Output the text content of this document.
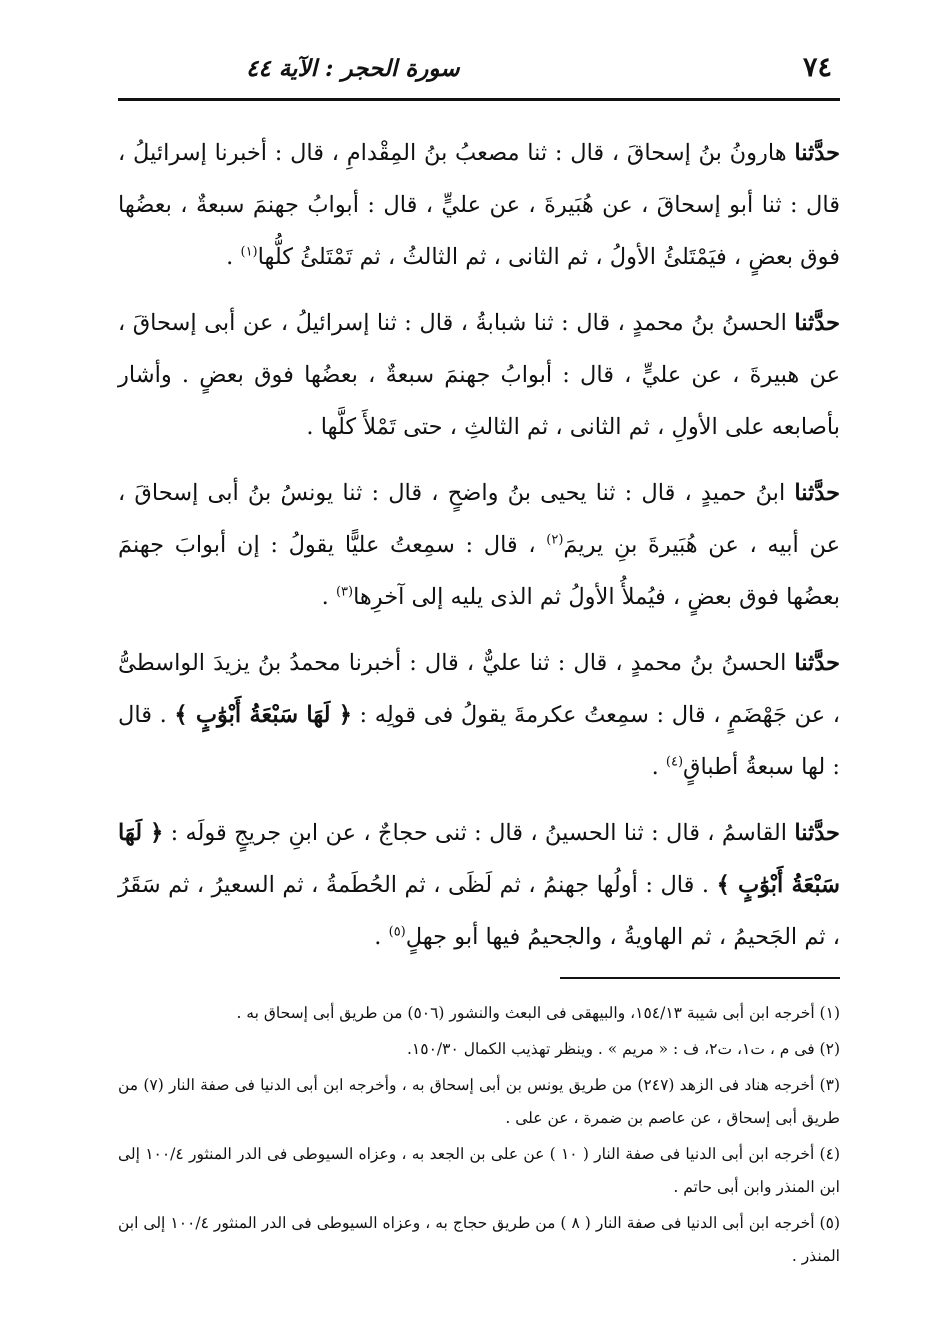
٧٤
سورة الحجر : الآية ٤٤

حدَّثنا هارونُ بنُ إسحاقَ ، قال : ثنا مصعبُ بنُ المِقْدامِ ، قال : أخبرنا إسرائيلُ ، قال : ثنا أبو إسحاقَ ، عن هُبَيرةَ ، عن عليٍّ ، قال : أبوابُ جهنمَ سبعةٌ ، بعضُها فوق بعضٍ ، فيَمْتَلئُ الأولُ ، ثم الثانى ، ثم الثالثُ ، ثم تَمْتَلئُ كلُّها$^{(١)}$ .

حدَّثنا الحسنُ بنُ محمدٍ ، قال : ثنا شبابةُ ، قال : ثنا إسرائيلُ ، عن أبى إسحاقَ ، عن هبيرةَ ، عن عليٍّ ، قال : أبوابُ جهنمَ سبعةٌ ، بعضُها فوق بعضٍ . وأشار بأصابعه على الأولِ ، ثم الثانى ، ثم الثالثِ ، حتى تَمْلأَ كلَّها .

حدَّثنا ابنُ حميدٍ ، قال : ثنا يحيى بنُ واضحٍ ، قال : ثنا يونسُ بنُ أبى إسحاقَ ، عن أبيه ، عن هُبَيرةَ بنِ يريمَ$^{(٢)}$ ، قال : سمِعتُ عليًّا يقولُ : إن أبوابَ جهنمَ بعضُها فوق بعضٍ ، فيُملأُ الأولُ ثم الذى يليه إلى آخرِها$^{(٣)}$ .

حدَّثنا الحسنُ بنُ محمدٍ ، قال : ثنا عليٌّ ، قال : أخبرنا محمدُ بنُ يزيدَ الواسطىُّ ، عن جَهْضَمٍ ، قال : سمِعتُ عكرمةَ يقولُ فى قولِه : ﴿ لَهَا سَبْعَةُ أَبْوَٰبٍ ﴾ . قال : لها سبعةُ أطباقٍ$^{(٤)}$ .

حدَّثنا القاسمُ ، قال : ثنا الحسينُ ، قال : ثنى حجاجٌ ، عن ابنِ جريجٍ قولَه : ﴿ لَهَا سَبْعَةُ أَبْوَٰبٍ ﴾ . قال : أولُها جهنمُ ، ثم لَظَى ، ثم الحُطَمةُ ، ثم السعيرُ ، ثم سَقَرُ ، ثم الجَحيمُ ، ثم الهاويةُ ، والجحيمُ فيها أبو جهلٍ$^{(٥)}$ .

(١) أخرجه ابن أبى شيبة ١٥٤/١٣، والبيهقى فى البعث والنشور (٥٠٦) من طريق أبى إسحاق به .

(٢) فى م ، ت١، ت٢، ف : « مريم » . وينظر تهذيب الكمال ١٥٠/٣٠.

(٣) أخرجه هناد فى الزهد (٢٤٧) من طريق يونس بن أبى إسحاق به ، وأخرجه ابن أبى الدنيا فى صفة النار (٧) من طريق أبى إسحاق ، عن عاصم بن ضمرة ، عن على .

(٤) أخرجه ابن أبى الدنيا فى صفة النار ( ١٠ ) عن على بن الجعد به ، وعزاه السيوطى فى الدر المنثور ١٠٠/٤ إلى ابن المنذر وابن أبى حاتم .

(٥) أخرجه ابن أبى الدنيا فى صفة النار ( ٨ ) من طريق حجاج به ، وعزاه السيوطى فى الدر المنثور ١٠٠/٤ إلى ابن المنذر .
